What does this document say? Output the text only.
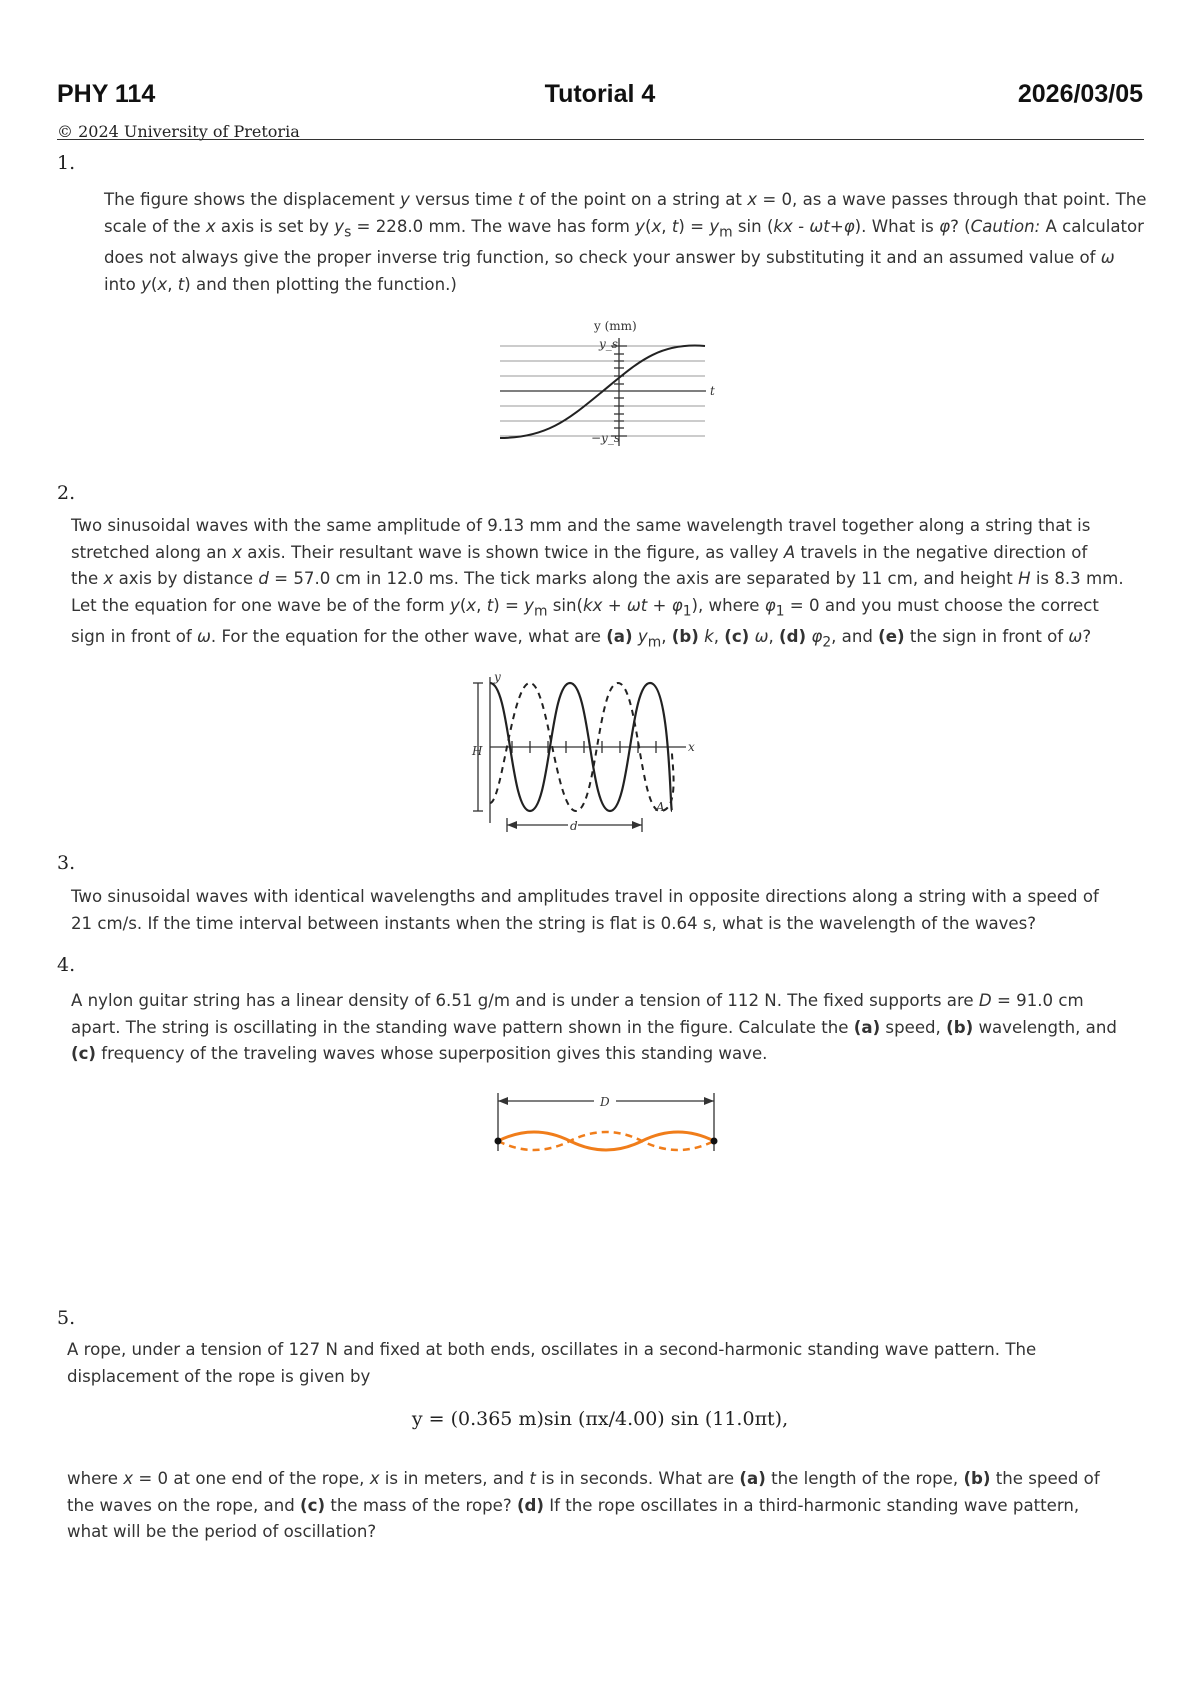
PHY 114	Tutorial 4	2026/03/05
© 2024 University of Pretoria
1.
The figure shows the displacement y versus time t of the point on a string at x = 0, as a wave passes through that point. The
scale of the x axis is set by $y_s = 228.0$ mm. The wave has form y(x, $t) = y_m$ sin (kx - ωt+φ). What is φ? (Caution: A calculator
does not always give the proper inverse trig function, so check your answer by substituting it and an assumed value of ω
into y(x, t) and then plotting the function.)
y (mm)
y_s
−y_s
t
2.
Two sinusoidal waves with the same amplitude of 9.13 mm and the same wavelength travel together along a string that is
stretched along an x axis. Their resultant wave is shown twice in the figure, as valley A travels in the negative direction of
the x axis by distance d = 57.0 cm in 12.0 ms. The tick marks along the axis are separated by 11 cm, and height H is 8.3 mm.
Let the equation for one wave be of the form y(x, $t) = y_m$ $\sin(kx + \omega t + \varphi_1)$, where $\varphi_1 = 0$ and you must choose the correct
sign in front of ω. For the equation for the other wave, what are (a) $y_m$, (b) k, (c) ω, (d) $\varphi_2$, and (e) the sign in front of ω?
H
y
x
A
d
3.
Two sinusoidal waves with identical wavelengths and amplitudes travel in opposite directions along a string with a speed of
21 cm/s. If the time interval between instants when the string is flat is 0.64 s, what is the wavelength of the waves?
4.
A nylon guitar string has a linear density of 6.51 g/m and is under a tension of 112 N. The fixed supports are D = 91.0 cm
apart. The string is oscillating in the standing wave pattern shown in the figure. Calculate the (a) speed, (b) wavelength, and
(c) frequency of the traveling waves whose superposition gives this standing wave.
D
5.
A rope, under a tension of 127 N and fixed at both ends, oscillates in a second-harmonic standing wave pattern. The
displacement of the rope is given by
y = (0.365 m)sin (πx/4.00) sin (11.0πt),
where x = 0 at one end of the rope, x is in meters, and t is in seconds. What are (a) the length of the rope, (b) the speed of
the waves on the rope, and (c) the mass of the rope? (d) If the rope oscillates in a third-harmonic standing wave pattern,
what will be the period of oscillation?
